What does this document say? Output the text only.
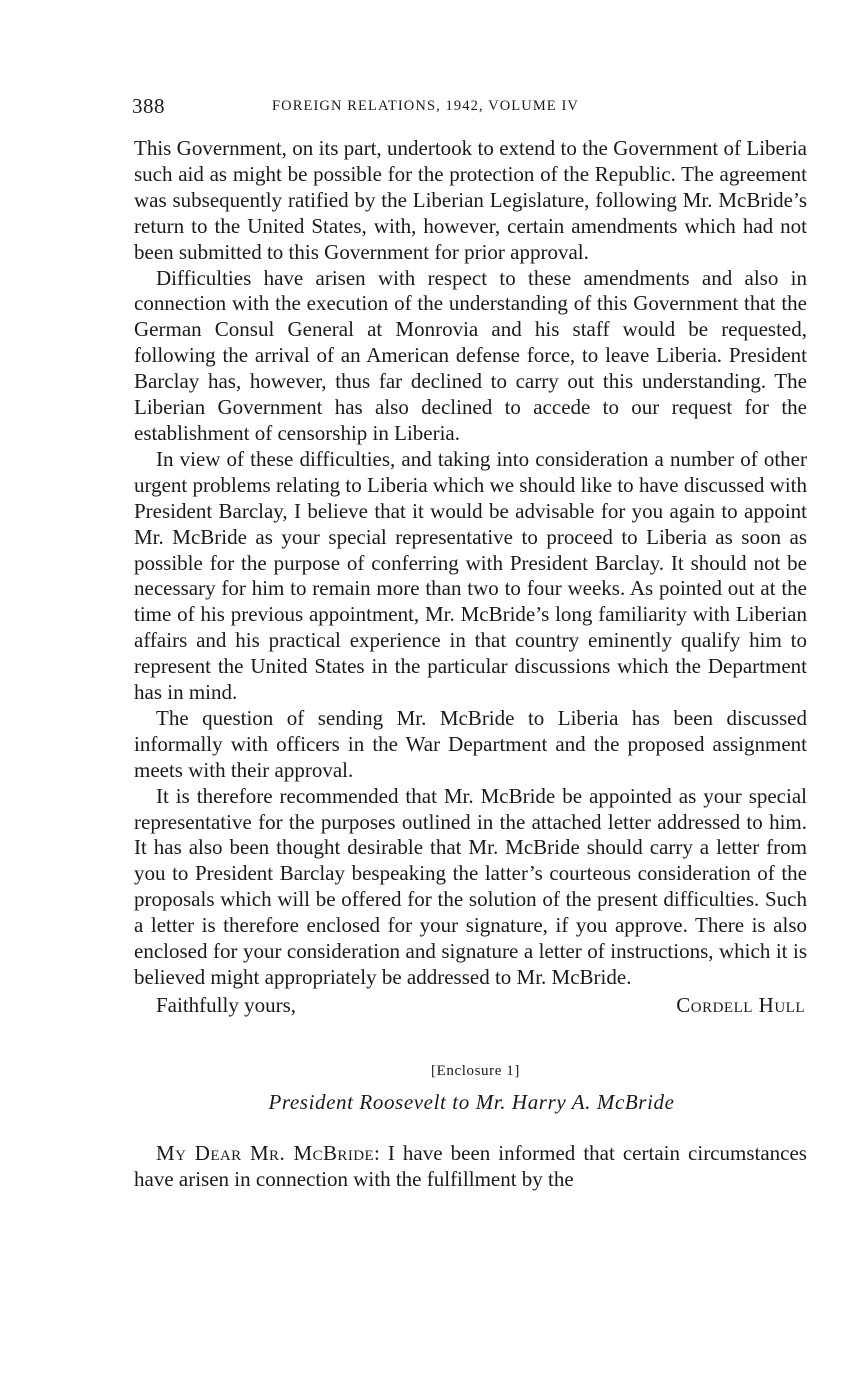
388	FOREIGN RELATIONS, 1942, VOLUME IV

This Government, on its part, undertook to extend to the Government of Liberia such aid as might be possible for the protection of the Republic. The agreement was subsequently ratified by the Liberian Legislature, following Mr. McBride’s return to the United States, with, however, certain amendments which had not been submitted to this Government for prior approval.

Difficulties have arisen with respect to these amendments and also in connection with the execution of the understanding of this Government that the German Consul General at Monrovia and his staff would be requested, following the arrival of an American defense force, to leave Liberia. President Barclay has, however, thus far declined to carry out this understanding. The Liberian Government has also declined to accede to our request for the establishment of censorship in Liberia.

In view of these difficulties, and taking into consideration a number of other urgent problems relating to Liberia which we should like to have discussed with President Barclay, I believe that it would be advisable for you again to appoint Mr. McBride as your special representative to proceed to Liberia as soon as possible for the purpose of conferring with President Barclay. It should not be necessary for him to remain more than two to four weeks. As pointed out at the time of his previous appointment, Mr. McBride’s long familiarity with Liberian affairs and his practical experience in that country eminently qualify him to represent the United States in the particular discussions which the Department has in mind.

The question of sending Mr. McBride to Liberia has been discussed informally with officers in the War Department and the proposed assignment meets with their approval.

It is therefore recommended that Mr. McBride be appointed as your special representative for the purposes outlined in the attached letter addressed to him. It has also been thought desirable that Mr. McBride should carry a letter from you to President Barclay bespeaking the latter’s courteous consideration of the proposals which will be offered for the solution of the present difficulties. Such a letter is therefore enclosed for your signature, if you approve. There is also enclosed for your consideration and signature a letter of instructions, which it is believed might appropriately be addressed to Mr. McBride.

Faithfully yours,	Cordell Hull
[Enclosure 1]
President Roosevelt to Mr. Harry A. McBride

My Dear Mr. McBride: I have been informed that certain circumstances have arisen in connection with the fulfillment by the
